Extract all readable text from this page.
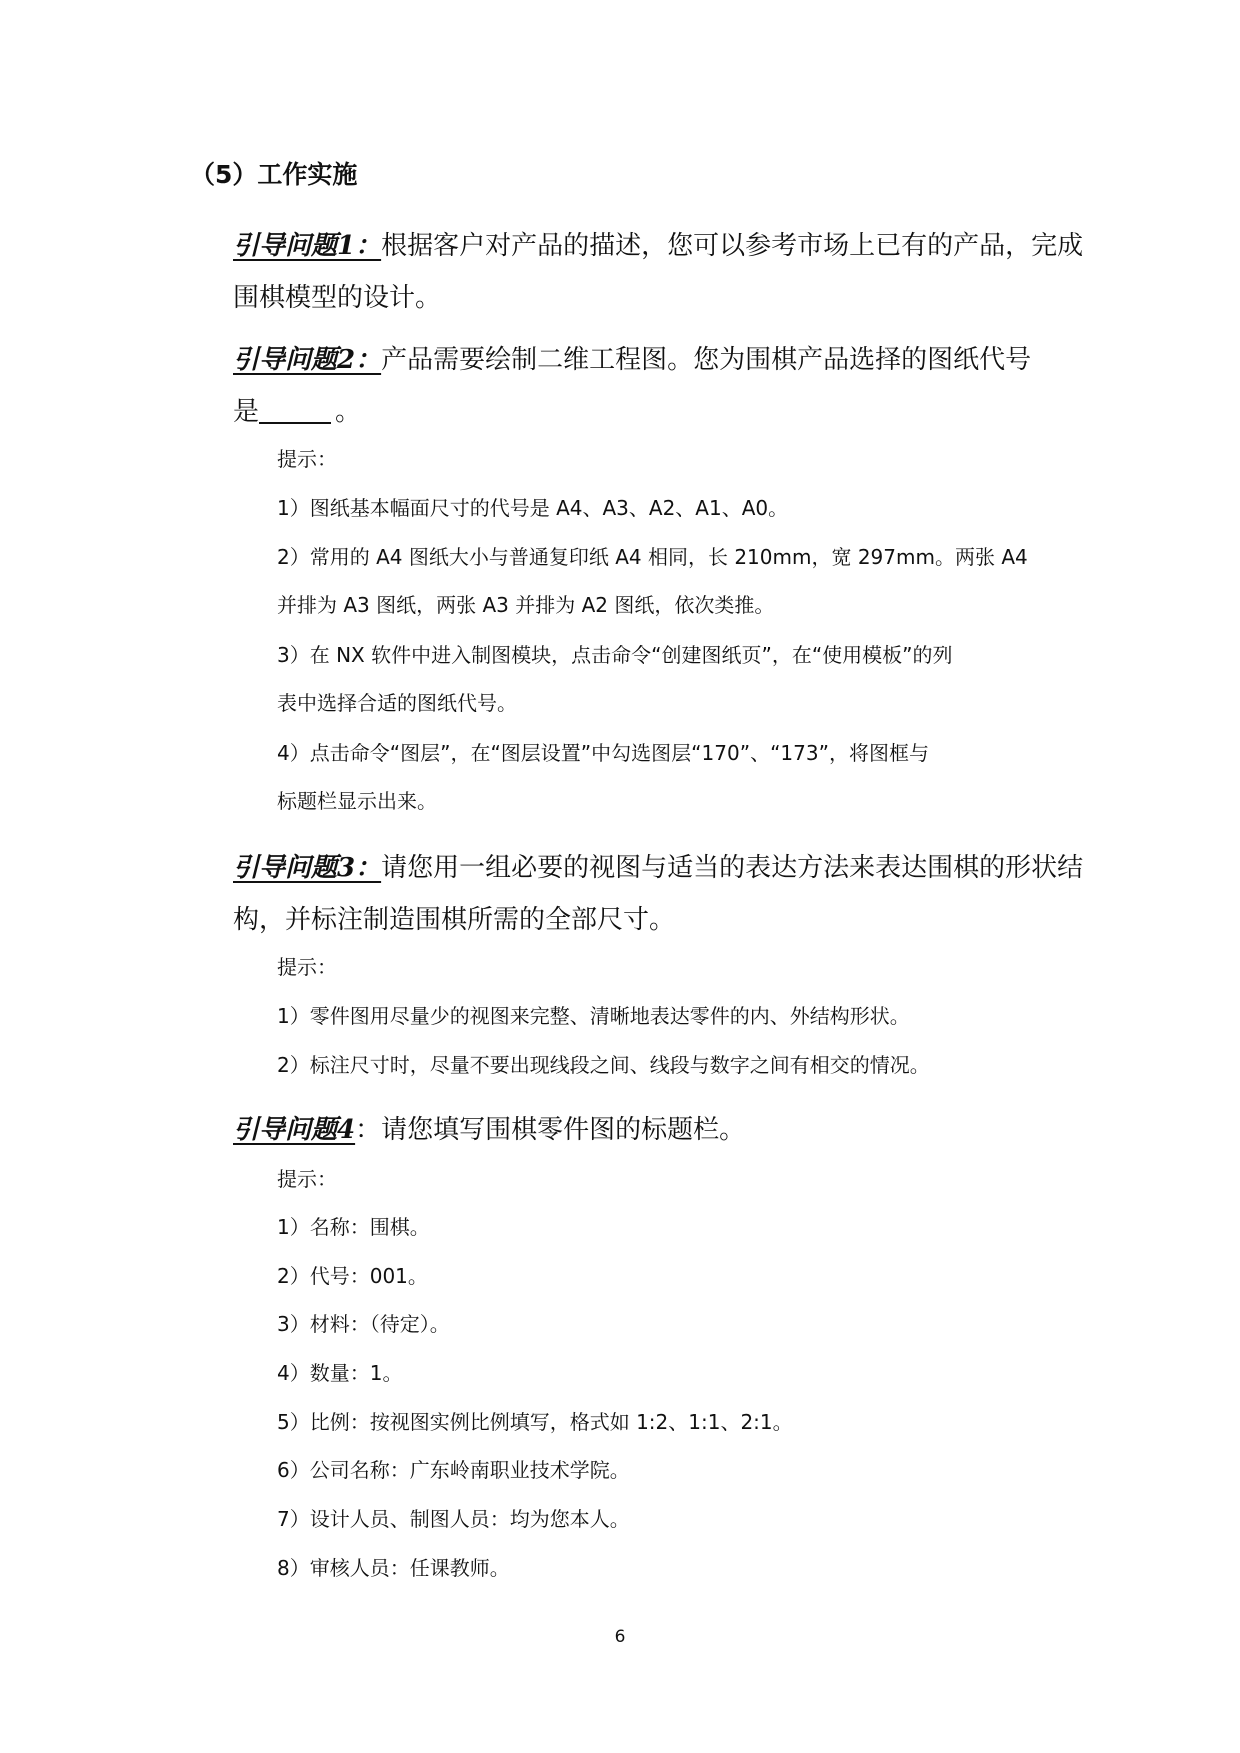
（5）工作实施
引导问题1：根据客户对产品的描述，您可以参考市场上已有的产品，完成
围棋模型的设计。
引导问题2：产品需要绘制二维工程图。您为围棋产品选择的图纸代号
是	。
提示：
1）图纸基本幅面尺寸的代号是 A4、A3、A2、A1、A0。
2）常用的 A4 图纸大小与普通复印纸 A4 相同，长 210mm，宽 297mm。两张 A4
并排为 A3 图纸，两张 A3 并排为 A2 图纸，依次类推。
3）在 NX 软件中进入制图模块，点击命令“创建图纸页”，在“使用模板”的列
表中选择合适的图纸代号。
4）点击命令“图层”，在“图层设置”中勾选图层“170”、“173”，将图框与
标题栏显示出来。
引导问题3：请您用一组必要的视图与适当的表达方法来表达围棋的形状结
构，并标注制造围棋所需的全部尺寸。
提示：
1）零件图用尽量少的视图来完整、清晰地表达零件的内、外结构形状。
2）标注尺寸时，尽量不要出现线段之间、线段与数字之间有相交的情况。
引导问题4：请您填写围棋零件图的标题栏。
提示：
1）名称：围棋。
2）代号：001。
3）材料：（待定）。
4）数量：1。
5）比例：按视图实例比例填写，格式如 1:2、1:1、2:1。
6）公司名称：广东岭南职业技术学院。
7）设计人员、制图人员：均为您本人。
8）审核人员：任课教师。
6
